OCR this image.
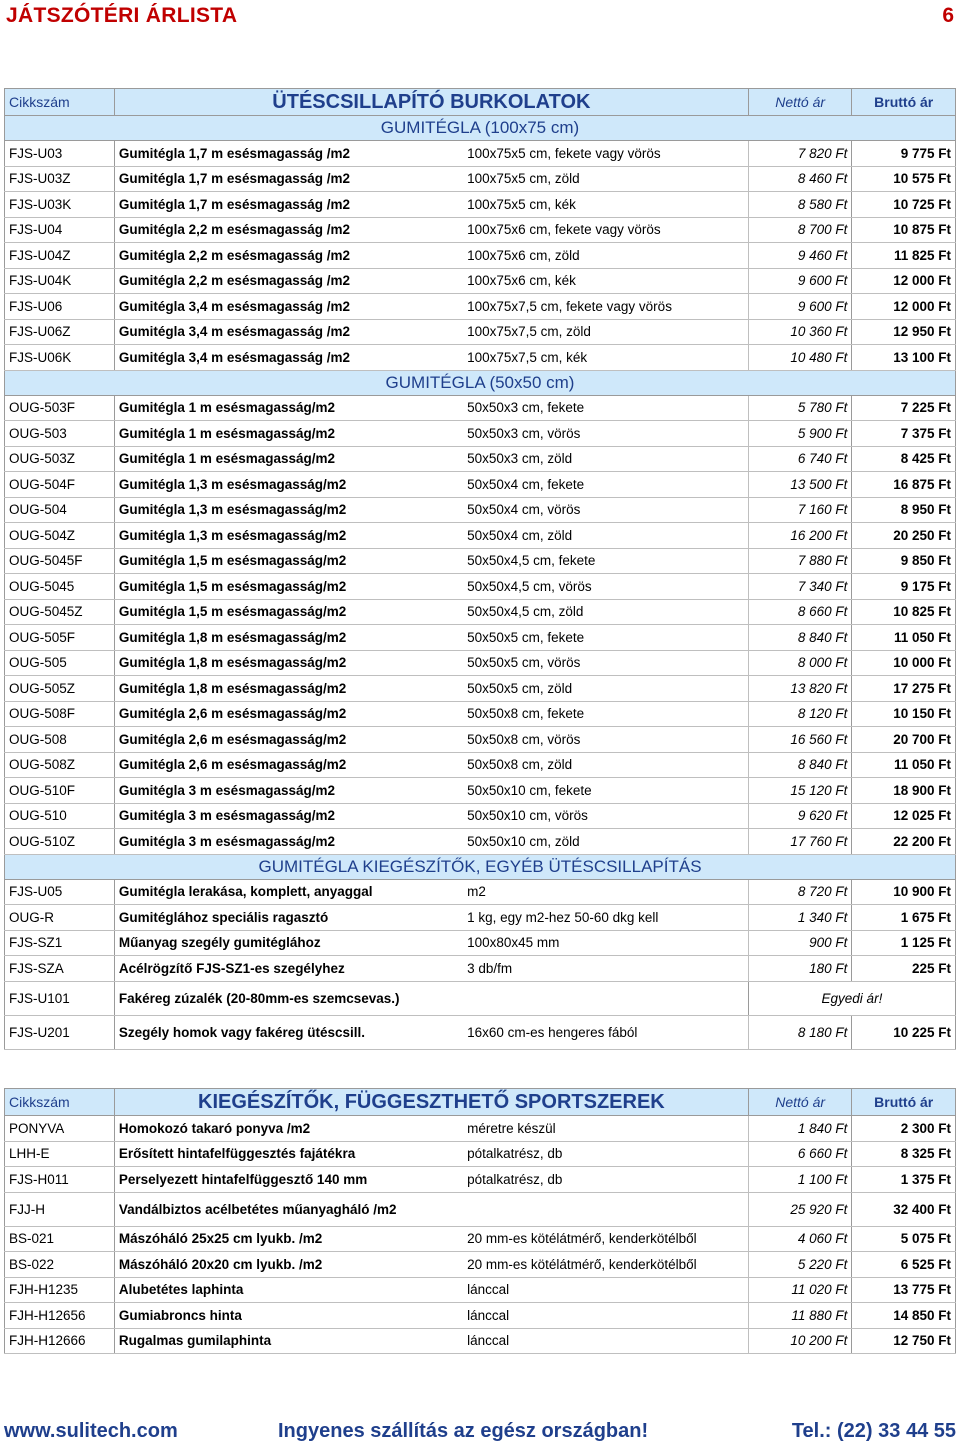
JÁTSZÓTÉRI ÁRLISTA	6
Cikkszám	ÜTÉSCSILLAPÍTÓ BURKOLATOK		Nettó ár	Bruttó ár
GUMITÉGLA (100x75 cm)				
FJS-U03	Gumitégla 1,7 m esésmagasság /m2	100x75x5 cm, fekete vagy vörös	7 820 Ft	9 775 Ft
FJS-U03Z	Gumitégla 1,7 m esésmagasság /m2	100x75x5 cm, zöld	8 460 Ft	10 575 Ft
FJS-U03K	Gumitégla 1,7 m esésmagasság /m2	100x75x5 cm, kék	8 580 Ft	10 725 Ft
FJS-U04	Gumitégla 2,2 m esésmagasság /m2	100x75x6 cm, fekete vagy vörös	8 700 Ft	10 875 Ft
FJS-U04Z	Gumitégla 2,2 m esésmagasság /m2	100x75x6 cm, zöld	9 460 Ft	11 825 Ft
FJS-U04K	Gumitégla 2,2 m esésmagasság /m2	100x75x6 cm, kék	9 600 Ft	12 000 Ft
FJS-U06	Gumitégla 3,4 m esésmagasság /m2	100x75x7,5 cm, fekete vagy vörös	9 600 Ft	12 000 Ft
FJS-U06Z	Gumitégla 3,4 m esésmagasság /m2	100x75x7,5 cm, zöld	10 360 Ft	12 950 Ft
FJS-U06K	Gumitégla 3,4 m esésmagasság /m2	100x75x7,5 cm, kék	10 480 Ft	13 100 Ft
GUMITÉGLA (50x50 cm)				
OUG-503F	Gumitégla 1 m esésmagasság/m2	50x50x3 cm, fekete	5 780 Ft	7 225 Ft
OUG-503	Gumitégla 1 m esésmagasság/m2	50x50x3 cm, vörös	5 900 Ft	7 375 Ft
OUG-503Z	Gumitégla 1 m esésmagasság/m2	50x50x3 cm, zöld	6 740 Ft	8 425 Ft
OUG-504F	Gumitégla 1,3 m esésmagasság/m2	50x50x4 cm, fekete	13 500 Ft	16 875 Ft
OUG-504	Gumitégla 1,3 m esésmagasság/m2	50x50x4 cm, vörös	7 160 Ft	8 950 Ft
OUG-504Z	Gumitégla 1,3 m esésmagasság/m2	50x50x4 cm, zöld	16 200 Ft	20 250 Ft
OUG-5045F	Gumitégla 1,5 m esésmagasság/m2	50x50x4,5 cm, fekete	7 880 Ft	9 850 Ft
OUG-5045	Gumitégla 1,5 m esésmagasság/m2	50x50x4,5 cm, vörös	7 340 Ft	9 175 Ft
OUG-5045Z	Gumitégla 1,5 m esésmagasság/m2	50x50x4,5 cm, zöld	8 660 Ft	10 825 Ft
OUG-505F	Gumitégla 1,8 m esésmagasság/m2	50x50x5 cm, fekete	8 840 Ft	11 050 Ft
OUG-505	Gumitégla 1,8 m esésmagasság/m2	50x50x5 cm, vörös	8 000 Ft	10 000 Ft
OUG-505Z	Gumitégla 1,8 m esésmagasság/m2	50x50x5 cm, zöld	13 820 Ft	17 275 Ft
OUG-508F	Gumitégla 2,6 m esésmagasság/m2	50x50x8 cm, fekete	8 120 Ft	10 150 Ft
OUG-508	Gumitégla 2,6 m esésmagasság/m2	50x50x8 cm, vörös	16 560 Ft	20 700 Ft
OUG-508Z	Gumitégla 2,6 m esésmagasság/m2	50x50x8 cm, zöld	8 840 Ft	11 050 Ft
OUG-510F	Gumitégla 3 m esésmagasság/m2	50x50x10 cm, fekete	15 120 Ft	18 900 Ft
OUG-510	Gumitégla 3 m esésmagasság/m2	50x50x10 cm, vörös	9 620 Ft	12 025 Ft
OUG-510Z	Gumitégla 3 m esésmagasság/m2	50x50x10 cm, zöld	17 760 Ft	22 200 Ft
GUMITÉGLA KIEGÉSZÍTŐK, EGYÉB ÜTÉSCSILLAPÍTÁS				
FJS-U05	Gumitégla lerakása, komplett, anyaggal	m2	8 720 Ft	10 900 Ft
OUG-R	Gumitéglához speciális ragasztó	1 kg, egy m2-hez 50-60 dkg kell	1 340 Ft	1 675 Ft
FJS-SZ1	Műanyag szegély gumitéglához	100x80x45 mm	900 Ft	1 125 Ft
FJS-SZA	Acélrögzítő FJS-SZ1-es szegélyhez	3 db/fm	180 Ft	225 Ft
FJS-U101	Fakéreg zúzalék (20-80mm-es szemcsevas.)		Egyedi ár!	
FJS-U201	Szegély homok vagy fakéreg ütéscsill.	16x60 cm-es hengeres fából	8 180 Ft	10 225 Ft
Cikkszám	KIEGÉSZÍTŐK, FÜGGESZTHETŐ SPORTSZEREK		Nettó ár	Bruttó ár
PONYVA	Homokozó takaró ponyva /m2	méretre készül	1 840 Ft	2 300 Ft
LHH-E	Erősített hintafelfüggesztés fajátékra	pótalkatrész, db	6 660 Ft	8 325 Ft
FJS-H011	Perselyezett hintafelfüggesztő 140 mm	pótalkatrész, db	1 100 Ft	1 375 Ft
FJJ-H	Vandálbiztos acélbetétes műanyagháló /m2		25 920 Ft	32 400 Ft
BS-021	Mászóháló 25x25 cm lyukb. /m2	20 mm-es kötélátmérő, kenderkötélből	4 060 Ft	5 075 Ft
BS-022	Mászóháló 20x20 cm lyukb. /m2	20 mm-es kötélátmérő, kenderkötélből	5 220 Ft	6 525 Ft
FJH-H1235	Alubetétes laphinta	lánccal	11 020 Ft	13 775 Ft
FJH-H12656	Gumiabroncs hinta	lánccal	11 880 Ft	14 850 Ft
FJH-H12666	Rugalmas gumilaphinta	lánccal	10 200 Ft	12 750 Ft
www.sulitech.com	Ingyenes szállítás az egész országban!	Tel.: (22) 33 44 55
